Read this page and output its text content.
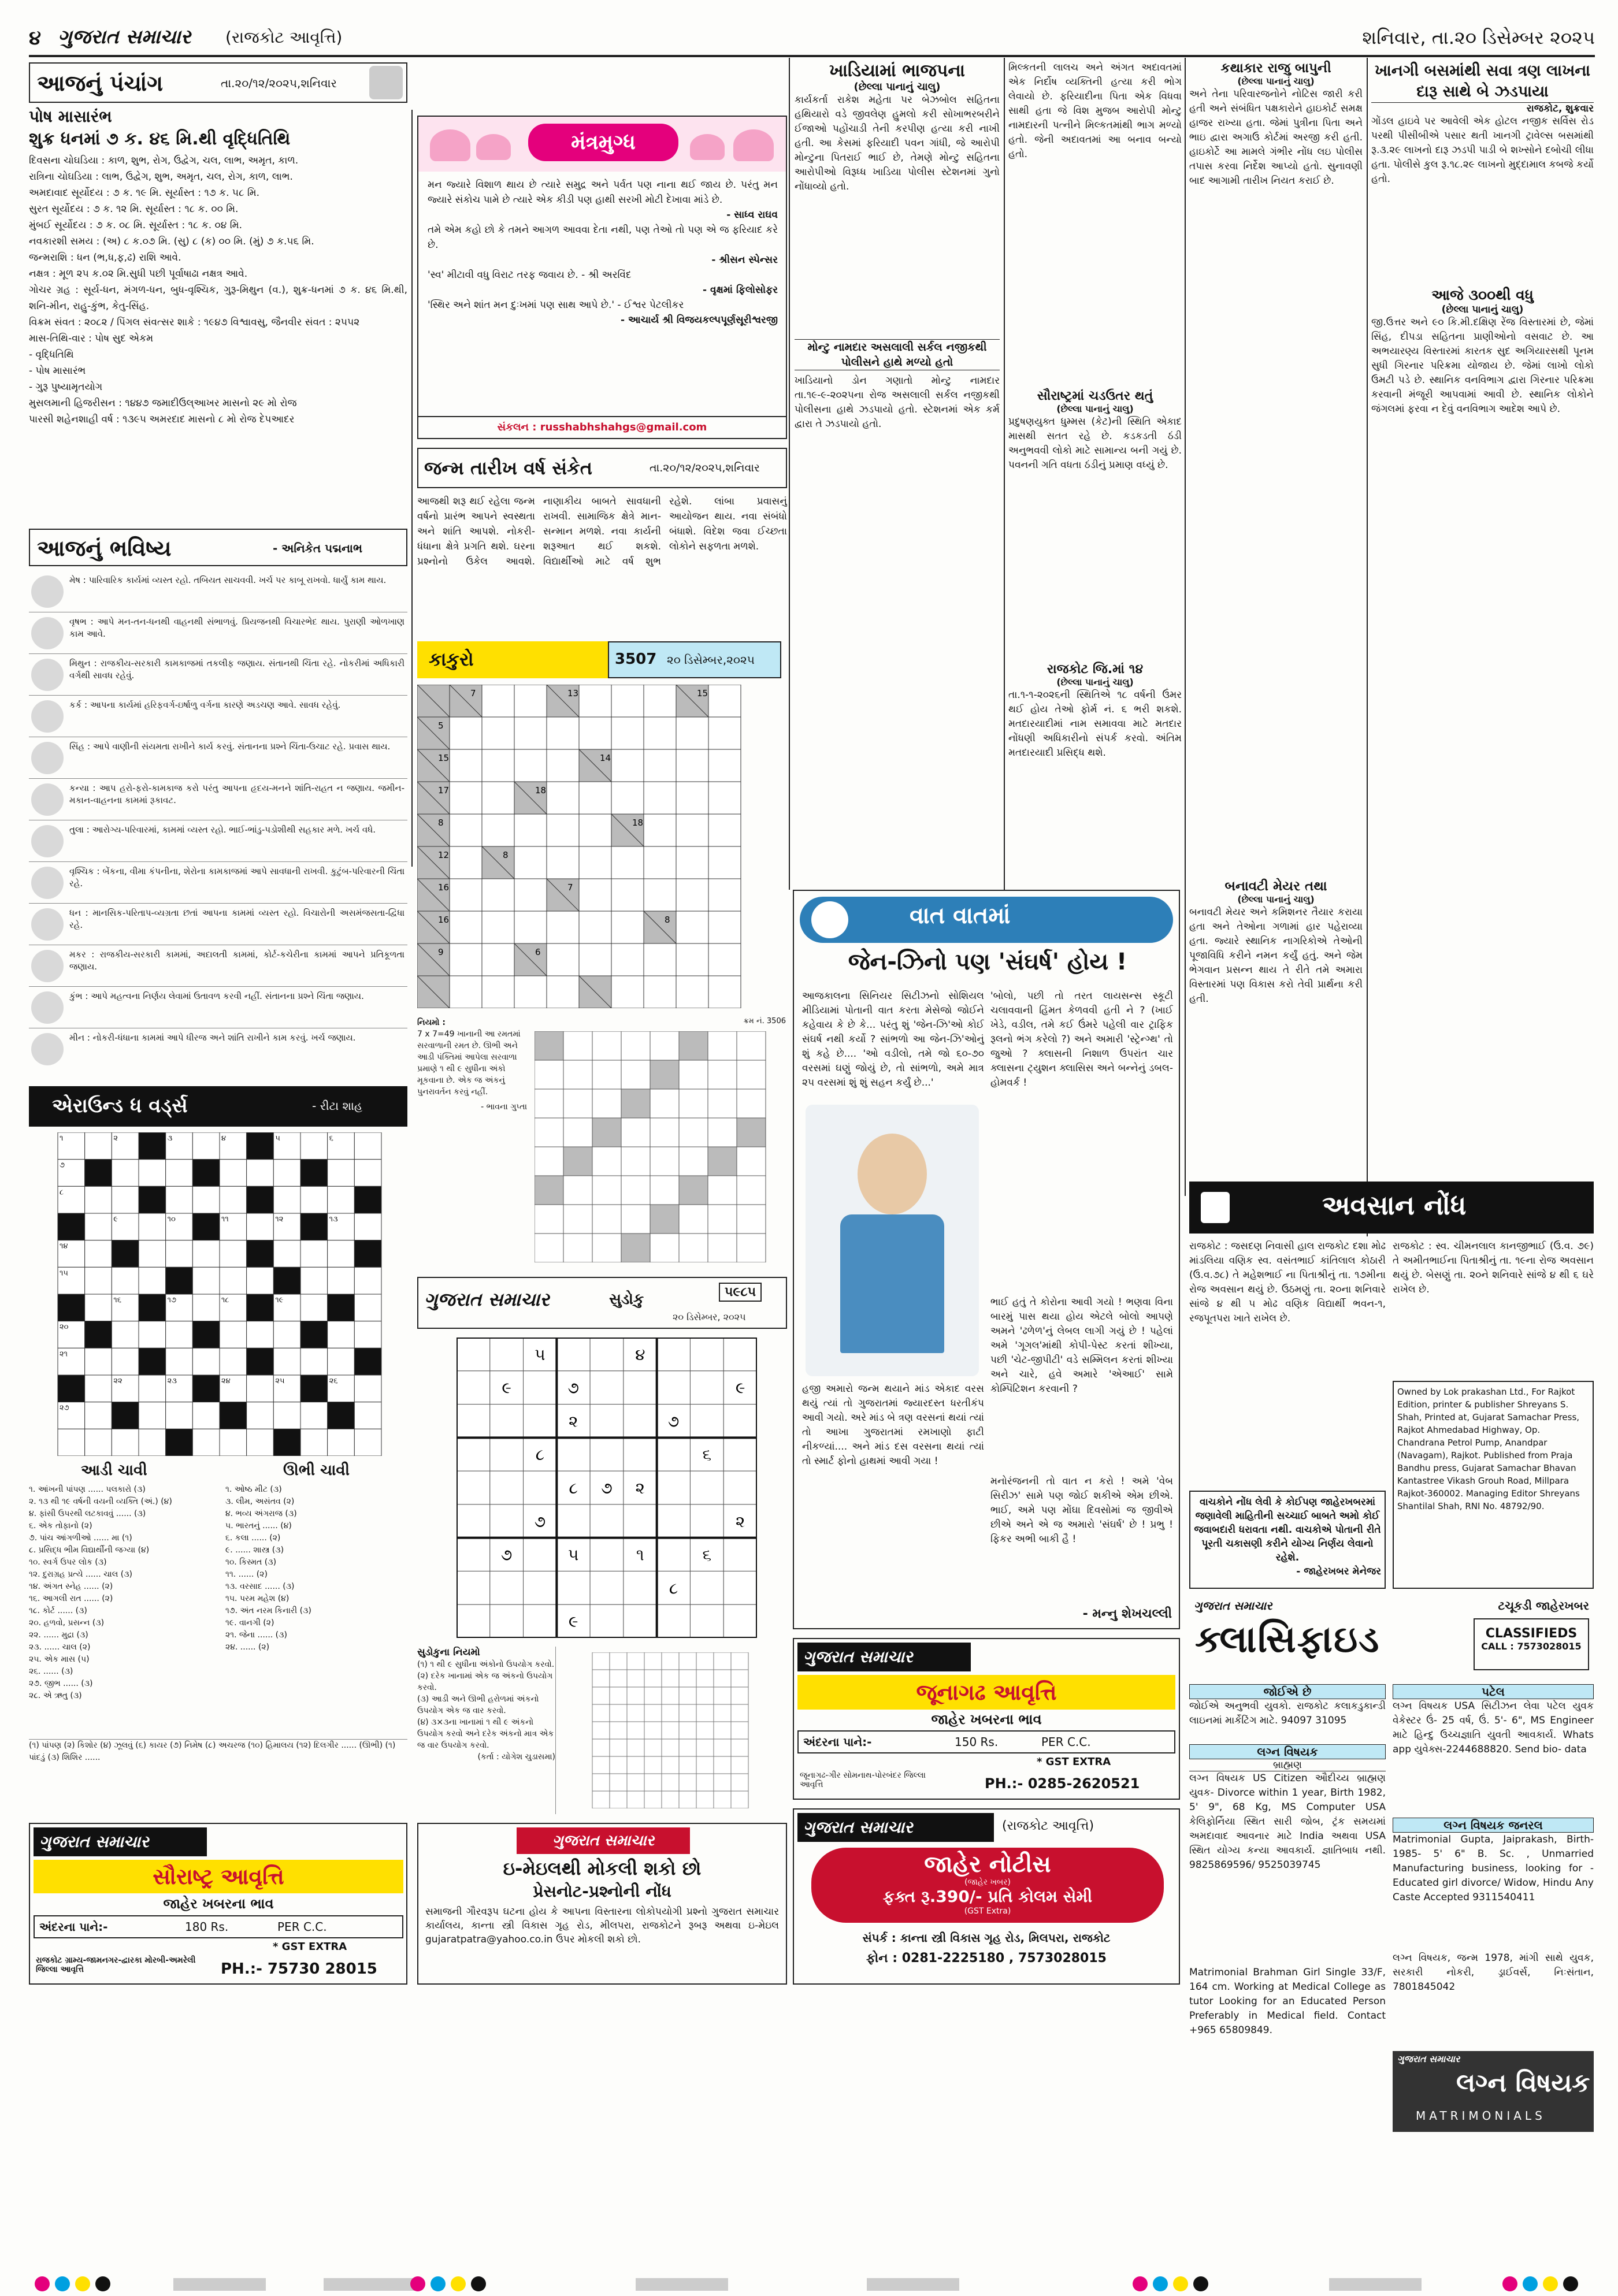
૪ ગુજરાત સમાચાર (રાજકોટ આવૃત્તિ)	શનિવાર, તા.૨૦ ડિસેમ્બર ૨૦૨૫
આજનું પંચાંગ	તા.૨૦/૧૨/૨૦૨૫,શનિવાર
પોષ માસારંભ
શુક્ર ધનમાં ૭ ક. ૪૬ મિ.થી વૃદ્ધિતિથિ
દિવસના ચોઘડિયા : કાળ, શુભ, રોગ, ઉદ્વેગ, ચલ, લાભ, અમૃત, કાળ.
રાત્રિના ચોઘડિયા : લાભ, ઉદ્વેગ, શુભ, અમૃત, ચલ, રોગ, કાળ, લાભ.
અમદાવાદ સૂર્યોદય : ૭ ક. ૧૯ મિ. સૂર્યાસ્ત : ૧૭ ક. ૫૮ મિ.
સુરત સૂર્યોદય : ૭ ક. ૧૨ મિ. સૂર્યાસ્ત : ૧૮ ક. ૦૦ મિ.
મુંબઈ સૂર્યોદય : ૭ ક. ૦૮ મિ. સૂર્યાસ્ત : ૧૮ ક. ૦૪ મિ.
નવકારશી સમય : (અ) ૮ ક.૦૭ મિ. (સુ) ૮ (ક) ૦૦ મિ. (મું) ૭ ક.૫૬ મિ.
જન્મરાશિ : ધન (ભ,ધ,ફ,ઢ) રાશિ આવે.
નક્ષત્ર : મૂળ ૨૫ ક.૦૨ મિ.સુધી પછી પૂર્વાષાઢા નક્ષત્ર આવે.
ગોચર ગ્રહ : સૂર્ય-ધન, મંગળ-ધન, બુધ-વૃશ્ચિક, ગુરૂ-મિથુન (વ.), શુક્ર-ધનમાં ૭ ક. ૪૬ મિ.થી, શનિ-મીન, રાહુ-કુંભ, કેતુ-સિંહ.
વિક્રમ સંવત : ૨૦૮૨ / પિંગલ સંવત્સર શાકે : ૧૯૪૭ વિશ્વાવસુ, જૈનવીર સંવત : ૨૫૫૨
માસ-તિથિ-વાર : પોષ સુદ એકમ
- વૃદ્ધિતિથિ
- પોષ માસારંભ
- ગુરૂ પુષ્યામૃતયોગ
મુસલમાની હિજરીસન : ૧૪૪૭ જમાદીઉલ્આખર માસનો ૨૯ મો રોજ
પારસી શહેનશાહી વર્ષ : ૧૩૯૫ અમરદાદ માસનો ૮ મો રોજ દેપઆદર
મંત્રમુગ્ધ
મન જ્યારે વિશાળ થાય છે ત્યારે સમુદ્ર અને પર્વત પણ નાના થઈ જાય છે. પરંતુ મન જ્યારે સંકોચ પામે છે ત્યારે એક કીડી પણ હાથી સરખી મોટી દેખાવા માંડે છે.
- સાધ્વ રાઘવ
તમે એમ કહો છો કે તમને આગળ આવવા દેતા નથી, પણ તેઓ તો પણ એ જ ફરિયાદ કરે છે.
- શ્રીસન સ્પેન્સર
'સ્વ' મીટાવી વધુ વિરાટ તરફ જવાય છે. - શ્રી અરવિંદ
- વૃક્ષમાં ફિલોસોફર
'સ્થિર અને શાંત મન દુઃખમાં પણ સાથ આપે છે.' - ઈશ્વર પેટલીકર
- આચાર્ય શ્રી વિજયકલ્પપૂર્ણસૂરીશ્વરજી
સંકલન : russhabhshahgs@gmail.com
જન્મ તારીખ વર્ષ સંકેત	તા.૨૦/૧૨/૨૦૨૫,શનિવાર
આજથી શરૂ થઈ રહેલા જન્મ વર્ષનો પ્રારંભ આપને સ્વસ્થતા અને શાંતિ આપશે. નોકરી-ધંધાના ક્ષેત્રે પ્રગતિ થશે. ઘરના પ્રશ્નોનો ઉકેલ આવશે. નાણાકીય બાબતે સાવધાની રાખવી. સામાજિક ક્ષેત્રે માન-સન્માન મળશે. નવા કાર્યની શરૂઆત થઈ શકશે. વિદ્યાર્થીઓ માટે વર્ષ શુભ રહેશે. લાંબા પ્રવાસનું આયોજન થાય. નવા સંબંધો બંધાશે. વિદેશ જવા ઈચ્છતા લોકોને સફળતા મળશે.
આજનું ભવિષ્ય	- અનિકેત પદ્મનાભ
મેષ : પારિવારિક કાર્યમાં વ્યસ્ત રહો. તબિયત સાચવવી. ખર્ચ પર કાબૂ રાખવો. ધાર્યું કામ થાય.
વૃષભ : આપે મન-તન-ધનથી વાહનથી સંભાળવું. પ્રિયજનથી વિચારભેદ થાય. પુરાણી ઓળખાણ કામ આવે.
મિથુન : રાજકીય-સરકારી કામકાજમાં તકલીફ જણાય. સંતાનથી ચિંતા રહે. નોકરીમાં અધિકારી વર્ગથી સાવધ રહેવું.
કર્ક : આપના કાર્યમાં હરિફવર્ગ-ઇર્ષાળુ વર્ગના કારણે અડચણ આવે. સાવધ રહેવું.
સિંહ : આપે વાણીની સંયમતા રાખીને કાર્ય કરવું. સંતાનના પ્રશ્ને ચિંતા-ઉચાટ રહે. પ્રવાસ થાય.
કન્યા : આપ હરો-ફરો-કામકાજ કરો પરંતુ આપના હૃદય-મનને શાંતિ-રાહત ન જણાય. જમીન-મકાન-વાહનના કામમાં રૂકાવટ.
તુલા : આરોગ્ય-પરિવારમાં, કામમાં વ્યસ્ત રહો. ભાઈ-ભાંડુ-પડોશીથી સહકાર મળે. ખર્ચ વધે.
વૃશ્ચિક : બેંકના, વીમા કંપનીના, શેરોના કામકાજમાં આપે સાવધાની રાખવી. કુટુંબ-પરિવારની ચિંતા રહે.
ધન : માનસિક-પરિતાપ-વ્યગ્રતા છતાં આપના કામમાં વ્યસ્ત રહો. વિચારોની અસમંજસતા-દ્વિધા રહે.
મકર : રાજકીય-સરકારી કામમાં, અદાલતી કામમાં, કોર્ટ-કચેરીના કામમાં આપને પ્રતિકૂળતા જણાય.
કુંભ : આપે મહત્વના નિર્ણય લેવામાં ઉતાવળ કરવી નહીં. સંતાનના પ્રશ્ને ચિંતા જણાય.
મીન : નોકરી-ધંધાના કામમાં આપે ધીરજ અને શાંતિ રાખીને કામ કરવું. ખર્ચ જણાય.
એરાઉન્ડ ધ વર્ડ્સ	- રીટા શાહ
૧	૨	૩	૪	૫	૬
૭
૮
૯	૧૦	૧૧	૧૨	૧૩
૧૪
૧૫
૧૬	૧૭	૧૮	૧૯
૨૦
૨૧
૨૨	૨૩	૨૪	૨૫	૨૬
૨૭
આડી ચાવી	ઊભી ચાવી
૧. આંખની પાંપણ ...... પલકારો (૩)
૨. ૧૩ થી ૧૯ વર્ષની વયની વ્યક્તિ (અં.) (૪)
૪. ફાંસી ઉપરથી લટકાવવું ...... (૩)
૬. એક તોફાનો (૨)
૭. પાંચ આંગળીઓ ...... મા (૧)
૮. પ્રસિદ્ધ ભીમ વિદ્યાર્થીની જગ્યા (૪)
૧૦. સ્વર્ગ ઉપર લોક (૩)
૧૨. દુરાગ્રહ પ્રત્યે ...... ચાલ (૩)
૧૪. અંગત સ્નેહ ...... (૨)
૧૬. આગલી રાત ...... (૨)
૧૮. કોર્ટ ...... (૩)
૨૦. હળવો, પ્રસન્ન (૩)
૨૨. ...... મુદ્રા (૩)
૨૩. ...... ચાલ (૨)
૨૫. એક માસ (૫)
૨૬. ...... (૩)
૨૭. જીભ ...... (૩)
૨૮. એ ઋતુ (૩)
૧. ઓષ્ઠ મીટ (૩)
૩. લીમ, અસંતવ (૨)
૪. ભવ્ય અંગરાજ (૩)
૫. ભારતનું ...... (૪)
૬. કલા ...... (૨)
૯. ...... શાસ્ત્ર (૩)
૧૦. કિસ્મત (૩)
૧૧. ...... (૨)
૧૩. વરસાદ ...... (૩)
૧૫. પરમ મહેશ (૪)
૧૭. અંત નરમ કિનારી (૩)
૧૯. વાનગી (૨)
૨૧. જેના ...... (૩)
૨૪. ...... (૨)
(૧) પાંપણ (૨) કિશોર (૪) ઝૂલવું (૬) કાયર (૭) નિમેષ (૮) અચરજ (૧૦) હિમાલય (૧૨) દિલગીર ...... (ઊભી) (૧) પાંદડું (૩) શિશિર ......
કાકુરો	3507 ૨૦ ડિસેમ્બર,૨૦૨૫
7	13	15
5
15	14
17	18
8	18
12	8
16	7
16	8
9	6
નિયમો :
7 x 7=49 ખાનાની આ રમતમાં સરવાળાની રમત છે. ઊભી અને આડી પંક્તિમાં આપેલા સરવાળા પ્રમાણે ૧ થી ૯ સુધીના અંકો મૂકવાના છે. એક જ અંકનું પુનરાવર્તન કરવું નહીં.
- ભાવના ગુપ્તા
ક્રમ નં. 3506
ગુજરાત સમાચાર	સુડોકુ	૫૯૮૫
૨૦ ડિસેમ્બર, ૨૦૨૫
૫	૪
૯	૭	૯
૨	૭
૮	૬
૮ ૭ ૨
૭	૨
૭	૫	૧	૬
૮
૯
સુડોકુના નિયમો
(૧) ૧ થી ૯ સુધીના અંકોનો ઉપયોગ કરવો.
(૨) દરેક ખાનામાં એક જ અંકનો ઉપયોગ કરવો.
(૩) આડી અને ઊભી હરોળમાં અંકનો ઉપયોગ એક જ વાર કરવો.
(૪) ૩×૩ના ખાનામાં ૧ થી ૯ અંકનો ઉપયોગ કરવો અને દરેક અંકનો માત્ર એક જ વાર ઉપયોગ કરવો.
(કર્તા : યોગેશ ચુડાસમા)
ખાડિયામાં ભાજપના
(છેલ્લા પાનાનું ચાલુ)
કાર્યકર્તા રાકેશ મહેતા પર બેઝબોલ સહિતના હથિયારો વડે જીવલેણ હુમલો કરી સોખાભરબરીને ઈજાઓ પહોંચાડી તેની કરપીણ હત્યા કરી નાખી હતી. આ કેસમાં ફરિયાદી પવન ગાંધી, જે આરોપી મોન્ટુના પિતરાઈ ભાઈ છે, તેમણે મોન્ટુ સહિતના આરોપીઓ વિરૂધ્ધ ખાડિયા પોલીસ સ્ટેશનમાં ગુનો નોંધાવ્યો હતો.
મોન્ટુ નામદાર અસલાલી સર્કલ નજીકથી પોલીસને હાથે મળ્યો હતો
ખાડિયાનો ડોન ગણાતો મોન્ટુ નામદાર તા.૧૯-૯-૨૦૨૫ના રોજ અસલાલી સર્કલ નજીકથી પોલીસના હાથે ઝડપાયો હતો. સ્ટેશનમાં એક કર્મ દ્વારા તે ઝડપાયો હતો.
મિલ્કતની લાલચ અને અંગત અદાવતમાં એક નિર્દોષ વ્યક્તિની હત્યા કરી ભોગ લેવાયો છે. ફરિયાદીના પિતા એક વિધવા સાથી હતા જે વિશ મુજબ આરોપી મોન્ટુ નામદારની પત્નીને મિલ્કતમાંથી ભાગ મળ્યો હતો. જેની અદાવતમાં આ બનાવ બન્યો હતો.
સૌરાષ્ટ્રમાં ચડઉતર થતું
(છેલ્લા પાનાનું ચાલુ)
પ્રદુષણયુક્ત ધુમ્મસ (કેટ)ની સ્થિતિ એકાદ માસથી સતત રહે છે. કડકડતી ઠંડી અનુભવવી લોકો માટે સામાન્ય બની ગયું છે. પવનની ગતિ વધતા ઠંડીનું પ્રમાણ વધ્યું છે.
રાજકોટ જિ.માં ૧૪
(છેલ્લા પાનાનું ચાલુ)
તા.૧-૧-૨૦૨૬ની સ્થિતિએ ૧૮ વર્ષની ઉંમર થઈ હોય તેઓ ફોર્મ નં. ૬ ભરી શકશે. મતદારયાદીમાં નામ સમાવવા માટે મતદાર નોંધણી અધિકારીનો સંપર્ક કરવો. અંતિમ મતદારયાદી પ્રસિદ્ધ થશે.
કથાકાર રાજુ બાપુની
(છેલ્લા પાનાનું ચાલુ)
અને તેના પરિવારજનોને નોટિસ જારી કરી હતી અને સંબંધિત પક્ષકારોને હાઇકોર્ટ સમક્ષ હાજર રાખ્યા હતા. જેમાં પુત્રીના પિતા અને ભાઇ દ્વારા અગાઉ કોર્ટમાં અરજી કરી હતી. હાઇકોર્ટે આ મામલે ગંભીર નોંધ લઇ પોલીસ તપાસ કરવા નિર્દેશ આપ્યો હતો. સુનાવણી બાદ આગામી તારીખ નિયત કરાઈ છે.
બનાવટી મેયર તથા
(છેલ્લા પાનાનું ચાલુ)
બનાવટી મેયર અને કમિશનર તૈયાર કરાયા હતા અને તેઓના ગળામાં હાર પહેરાવ્યા હતા. જ્યારે સ્થાનિક નાગરિકોએ તેઓની પૂજાવિધિ કરીને નમન કર્યું હતું. અને જેમ ભેગવાન પ્રસન્ન થાય તે રીતે તમે અમારા વિસ્તારમાં પણ વિકાસ કરો તેવી પ્રાર્થના કરી હતી.
ખાનગી બસમાંથી સવા ત્રણ લાખના દારૂ સાથે બે ઝડપાયા
રાજકોટ, શુક્રવાર
ગોંડલ હાઇવે પર આવેલી એક હોટલ નજીક સર્વિસ રોડ પરથી પીસીબીએ પસાર થતી ખાનગી ટ્રાવેલ્સ બસમાંથી રૂ.૩.૨૯ લાખનો દારૂ ઝડપી પાડી બે શખ્સોને દબોચી લીધા હતા. પોલીસે કુલ રૂ.૧૮.૨૯ લાખનો મુદ્દામાલ કબજે કર્યો હતો.
આજે ૩૦૦થી વધુ
(છેલ્લા પાનાનું ચાલુ)
જી.ઉત્તર અને ૯૦ કિ.મી.દક્ષિણ રેંજ વિસ્તારમાં છે, જેમાં સિંહ, દીપડા સહિતના પ્રાણીઓનો વસવાટ છે. આ અભયારણ્ય વિસ્તારમાં કારતક સુદ અગિયારસથી પૂનમ સુધી ગિરનાર પરિક્રમા યોજાય છે. જેમાં લાખો લોકો ઉમટી પડે છે. સ્થાનિક વનવિભાગ દ્વારા ગિરનાર પરિક્રમા કરવાની મંજૂરી આપવામાં આવી છે. સ્થાનિક લોકોને જંગલમાં ફરવા ન દેવું વનવિભાગ આદેશ આપે છે.
વાત વાતમાં
જેન-ઝિનો પણ 'સંઘર્ષ' હોય !
આજકાલના સિનિયર સિટીઝનો સોશિયલ મીડિયામાં પોતાની વાત કરતા મેસેજો જોઈને કહેવાય કે છે કે... પરંતુ શું 'જેન-ઝિ'ઓ કોઈ સંઘર્ષ નથી કર્યો ? સાંભળો આ જેન-ઝિ'ઓનું શું કહે છે.... 'ઓ વડીલો, તમે જો ૬૦-૭૦ વરસમાં ઘણું જોયું છે, તો સાંભળો, અમે માત્ર ૨૫ વરસમાં શું શું સહન કર્યું છે...'
હજી અમારો જન્મ થયાને માંડ એકાદ વરસ થયું ત્યાં તો ગુજરાતમાં જ્યારદસ્ત ધરતીકંપ આવી ગયો. અરે માંડ બે ત્રણ વરસનાં થયાં ત્યાં તો આખા ગુજરાતમાં રમખાણો ફાટી નીકળ્યાં.... અને માંડ દસ વરસના થયાં ત્યાં તો સ્માર્ટ ફોનો હાથમાં આવી ગયા !
'બોલો, પછી તો તરત લાયસન્સ સ્કૂટી ચલાવવાની હિંમત કેળવવી હતી ને ? (ખાઈ ખેડે, વડીલ, તમે કઈ ઉંમરે પહેલી વાર ટ્રાફિક રૂલનો ભંગ કરેલો ?) અને અમારી 'સ્ટ્રેન્ગ્થ' તો જુઓ ? ક્લાસની નિશાળ ઉપરાંત ચાર ક્લાસના ટ્યુશન ક્લાસિસ અને બન્નેનું ડબલ-હોમવર્ક !
ભાઈ હતું તે કોરોના આવી ગયો ! ભણવા વિના બારમું પાસ થયા હોય એટલે બોલો આપણે અમને 'ઢળેળ'નું લેબલ લાગી ગયું છે ! પહેલાં અમે 'ગૂગલ'માંથી કોપી-પેસ્ટ કરતાં શીખ્યા, પછી 'ચેટ-જીપીટી' વડે સમ્મિલન કરતાં શીખ્યા અને ચારે, હવે અમારે 'એઆઈ' સામે કોમ્પિટિશન કરવાની ?
મનોરંજનની તો વાત ન કરો ! અમે 'વેબ સિરીઝ' સામે પણ જોઈ શકીએ એમ છીએ. ભાઈ, અમે પણ મોંઘા દિવસોમાં જ જીવીએ છીએ અને એ જ અમારો 'સંઘર્ષ' છે ! પ્રભુ ! ફિકર અભી બાકી હૈ !
- મન્નુ શેખચલ્લી
અવસાન નોંધ
રાજકોટ : જસદણ નિવાસી હાલ રાજકોટ દશા મોઢ માંડલિયા વણિક સ્વ. વસંતભાઈ કાંતિલાલ કોઠારી (ઉ.વ.૭૮) તે મહેશભાઈ ના પિતાશ્રીનું તા. ૧૭મીના રોજ અવસાન થયું છે. ઉઠમણું તા. ૨૦ના શનિવારે સાંજે ૪ થી ૫ મોઢ વણિક વિદ્યાર્થી ભવન-૧, રજપૂતપરા ખાતે રાખેલ છે.
રાજકોટ : સ્વ. ચીમનલાલ કાનજીભાઈ (ઉ.વ. ૭૯) તે અમીતભાઈના પિતાશ્રીનું તા. ૧૯ના રોજ અવસાન થયું છે. બેસણું તા. ૨૦ને શનિવારે સાંજે ૪ થી ૬ ઘરે રાખેલ છે.
Owned by Lok prakashan Ltd., For Rajkot Edition, printer & publisher Shreyans S. Shah, Printed at, Gujarat Samachar Press, Rajkot Ahmedabad Highway, Op. Chandrana Petrol Pump, Anandpar (Navagam), Rajkot. Published from Praja Bandhu press, Gujarat Samachar Bhavan Kantastree Vikash Grouh Road, Millpara Rajkot-360002. Managing Editor Shreyans Shantilal Shah, RNI No. 48792/90.
વાચકોને નોંધ લેવી કે કોઈપણ જાહેરખબરમાં જણાવેલી માહિતીની સચ્ચાઈ બાબતે અમો કોઈ જવાબદારી ધરાવતા નથી. વાચકોએ પોતાની રીતે પૂરતી ચકાસણી કરીને યોગ્ય નિર્ણય લેવાનો રહેશે.
- જાહેરખબર મેનેજર
ગુજરાત સમાચાર	ટચૂકડી જાહેરખબર
ક્લાસિફાઇડ	CLASSIFIEDS
CALL : 7573028015
જોઈએ છે
જોઈએ અનુભવી યુવકો. રાજકોટ કલાકડુકાન્ડી લાઇનમાં માર્કેટિંગ માટે. 94097 31095
લગ્ન વિષયક
બ્રાહ્મણ
લગ્ન વિષયક US Citizen ઔદીચ્ય બ્રાહ્મણ યુવક- Divorce within 1 year, Birth 1982, 5' 9", 68 Kg, MS Computer USA કેલિફોર્નિયા સ્થિત સારી જોબ, ટ્રંક સમયમાં અમદાવાદ આવનાર માટે India અથવા USA સ્થિત યોગ્ય કન્યા આવકાર્ય. જ્ઞાતિબાધ નથી. 9825869596/ 9525039745
Matrimonial Brahman Girl Single 33/F, 164 cm. Working at Medical College as tutor Looking for an Educated Person Preferably in Medical field. Contact +965 65809849.
પટેલ
લગ્ન વિષયક USA સિટીઝન લેવા પટેલ યુવક વેકેસ્ટર ઉં- 25 વર્ષ, ઉં. 5'- 6", MS Engineer માટે હિન્દુ ઉચ્ચજ્ઞાતિ યુવતી આવકાર્ય. Whats app યુવેક્સ-2244688820. Send bio- data
લગ્ન વિષયક જનરલ
Matrimonial Gupta, Jaiprakash, Birth- 1985- 5' 6" B. Sc. , Unmarried Manufacturing business, looking for -Educated girl divorce/ Widow, Hindu Any Caste Accepted 9311540411
લગ્ન વિષયક, જન્મ 1978, માંગી સાથે યુવક, સરકારી નોકરી, ડ્રાઈવર્સ, નિઃસંતાન, 7801845042
ગુજરાત સમાચાર
લગ્ન વિષયક
MATRIMONIALS
ગુજરાત સમાચાર
જૂનાગઢ આવૃત્તિ
જાહેર ખબરના ભાવ
અંદરના પાને:-	150 Rs.	PER C.C.
* GST EXTRA
જૂનાગઢ-ગીર સોમનાથ-પોરબંદર જિલ્લા આવૃત્તિ	PH.:- 0285-2620521
ગુજરાત સમાચાર
સૌરાષ્ટ્ર આવૃત્તિ
જાહેર ખબરના ભાવ
અંદરના પાને:-	180 Rs.	PER C.C.
* GST EXTRA
રાજકોટ ગ્રામ્ય-જામનગર-દ્વારકા મોરબી-અમરેલી જિલ્લા આવૃત્તિ	PH.:- 75730 28015
ગુજરાત સમાચાર
ઇ-મેઇલથી મોકલી શકો છો
પ્રેસનોટ-પ્રશ્નોની નોંધ
સમાજની ગૌરવરૂપ ઘટના હોય કે આપના વિસ્તારના લોકોપયોગી પ્રશ્નો ગુજરાત સમાચાર કાર્યાલય, કાન્તા સ્ત્રી વિકાસ ગૃહ રોડ, મીલપરા, રાજકોટને રૂબરૂ અથવા ઇ-મેઇલ gujaratpatra@yahoo.co.in ઉપર મોકલી શકો છો.
ગુજરાત સમાચાર	(રાજકોટ આવૃત્તિ)
જાહેર નોટીસ
(જાહેર ખબર)
ફક્ત રૂ.390/- પ્રતિ કોલમ સેમી
(GST Extra)
સંપર્ક : કાન્તા સ્ત્રી વિકાસ ગૃહ રોડ, મિલપરા, રાજકોટ
ફોન : 0281-2225180 , 7573028015
